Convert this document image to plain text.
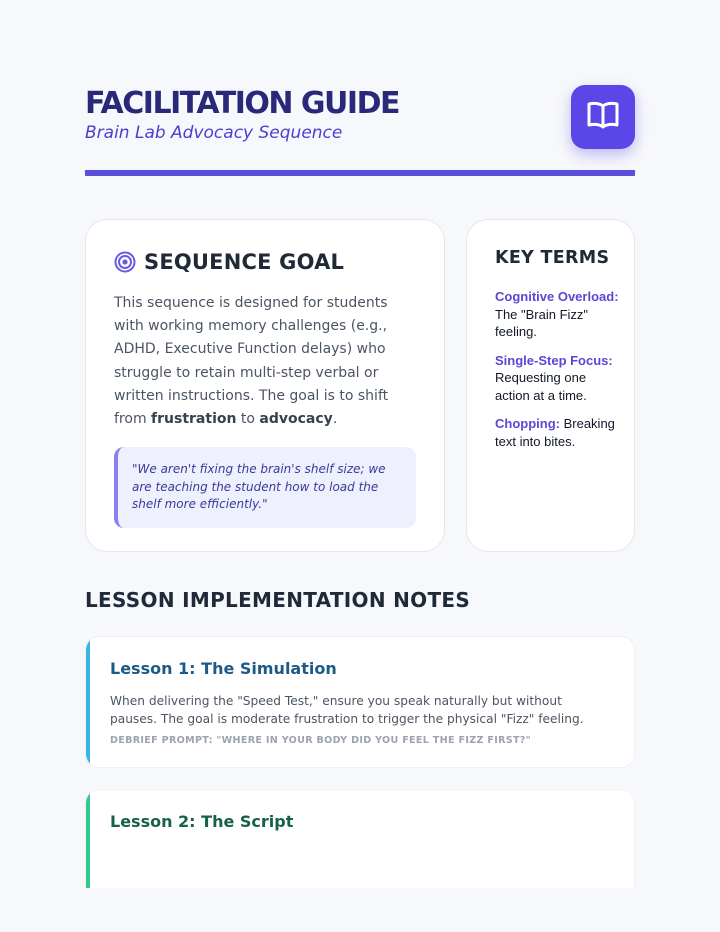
FACILITATION GUIDE
Brain Lab Advocacy Sequence
SEQUENCE GOAL

This sequence is designed for students with working memory challenges (e.g., ADHD, Executive Function delays) who struggle to retain multi-step verbal or written instructions. The goal is to shift from frustration to advocacy.

"We aren't fixing the brain's shelf size; we are teaching the student how to load the shelf more efficiently."
KEY TERMS
Cognitive Overload: The "Brain Fizz" feeling.
Single-Step Focus: Requesting one action at a time.
Chopping: Breaking text into bites.
LESSON IMPLEMENTATION NOTES
Lesson 1: The Simulation
When delivering the "Speed Test," ensure you speak naturally but without pauses. The goal is moderate frustration to trigger the physical "Fizz" feeling.
DEBRIEF PROMPT: "WHERE IN YOUR BODY DID YOU FEEL THE FIZZ FIRST?"
Lesson 2: The Script
